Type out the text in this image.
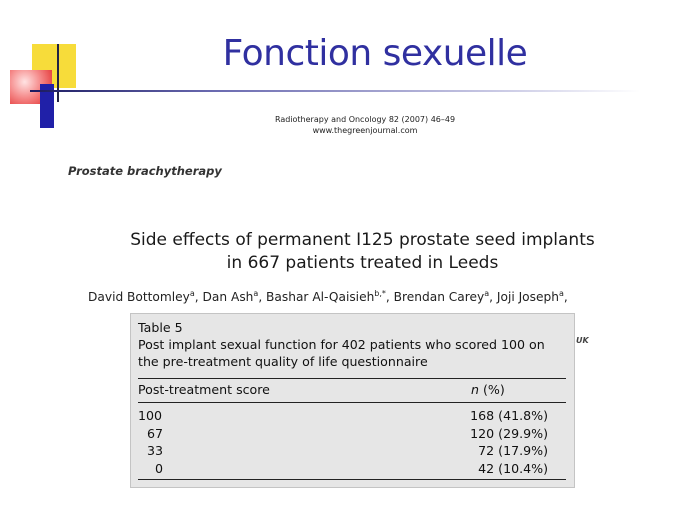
Fonction sexuelle
Radiotherapy and Oncology 82 (2007) 46–49
www.thegreenjournal.com
Prostate brachytherapy
Side effects of permanent I125 prostate seed implants
in 667 patients treated in Leeds
David Bottomley$^a$, Dan Ash$^a$, Bashar Al-Qaisieh$^{b,*}$, Brendan Carey$^a$, Joji Joseph$^a$,
UK
Table 5
Post implant sexual function for 402 patients who scored 100 on
the pre-treatment quality of life questionnaire
Post-treatment score	n (%)
100	168 (41.8%)
67	120 (29.9%)
33	72 (17.9%)
0	42 (10.4%)
